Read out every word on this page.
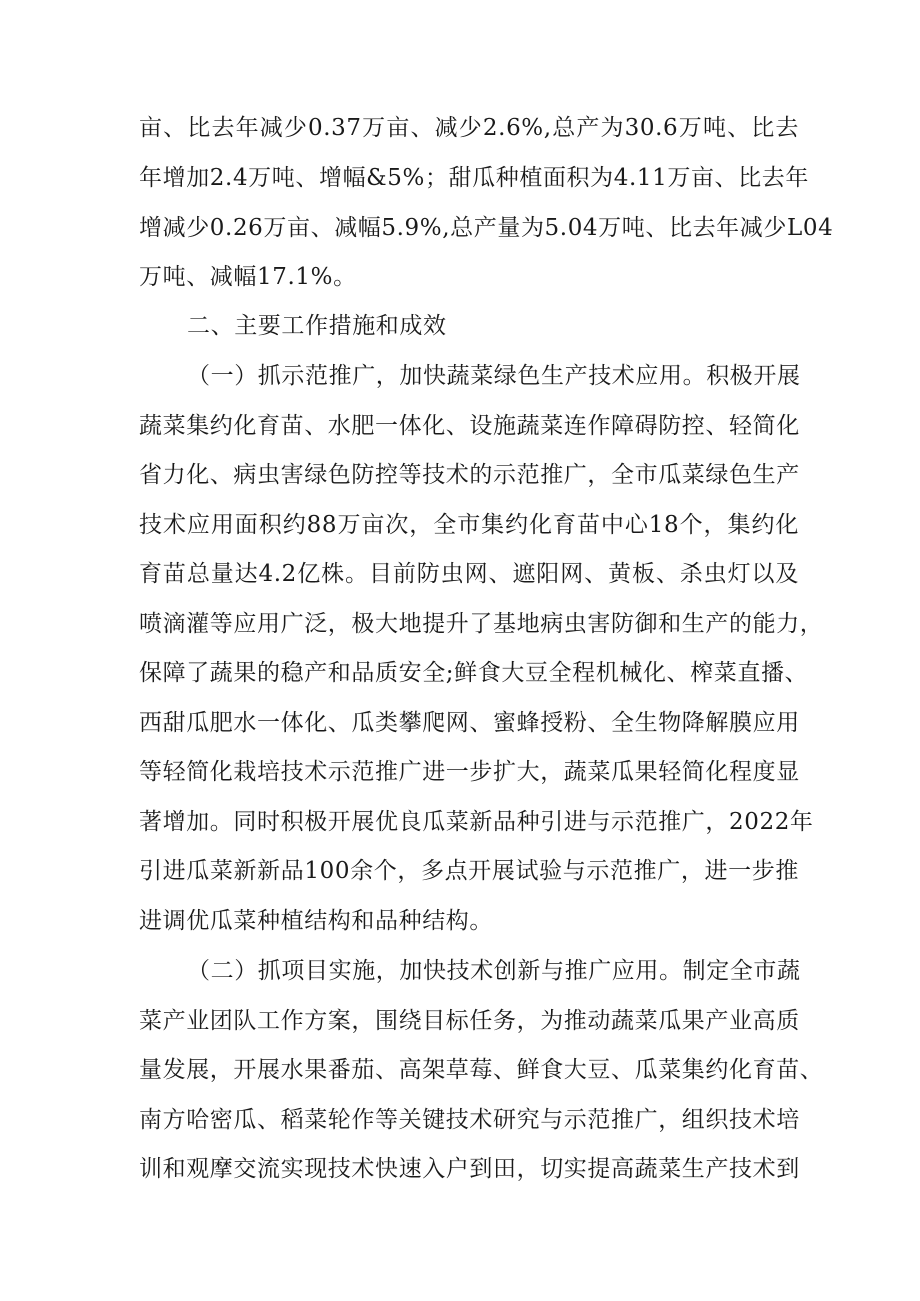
亩、比去年减少0.37万亩、减少2.6%,总产为30.6万吨、比去
年增加2.4万吨、增幅&5%；甜瓜种植面积为4.11万亩、比去年
增减少0.26万亩、减幅5.9%,总产量为5.04万吨、比去年减少L04
万吨、减幅17.1%。
二、主要工作措施和成效
（一）抓示范推广，加快蔬菜绿色生产技术应用。积极开展
蔬菜集约化育苗、水肥一体化、设施蔬菜连作障碍防控、轻简化
省力化、病虫害绿色防控等技术的示范推广，全市瓜菜绿色生产
技术应用面积约88万亩次，全市集约化育苗中心18个，集约化
育苗总量达4.2亿株。目前防虫网、遮阳网、黄板、杀虫灯以及
喷滴灌等应用广泛，极大地提升了基地病虫害防御和生产的能力，
保障了蔬果的稳产和品质安全;鲜食大豆全程机械化、榨菜直播、
西甜瓜肥水一体化、瓜类攀爬网、蜜蜂授粉、全生物降解膜应用
等轻简化栽培技术示范推广进一步扩大，蔬菜瓜果轻简化程度显
著增加。同时积极开展优良瓜菜新品种引进与示范推广，2022年
引进瓜菜新新品100余个，多点开展试验与示范推广，进一步推
进调优瓜菜种植结构和品种结构。
（二）抓项目实施，加快技术创新与推广应用。制定全市蔬
菜产业团队工作方案，围绕目标任务，为推动蔬菜瓜果产业高质
量发展，开展水果番茄、高架草莓、鲜食大豆、瓜菜集约化育苗、
南方哈密瓜、稻菜轮作等关键技术研究与示范推广，组织技术培
训和观摩交流实现技术快速入户到田，切实提高蔬菜生产技术到
